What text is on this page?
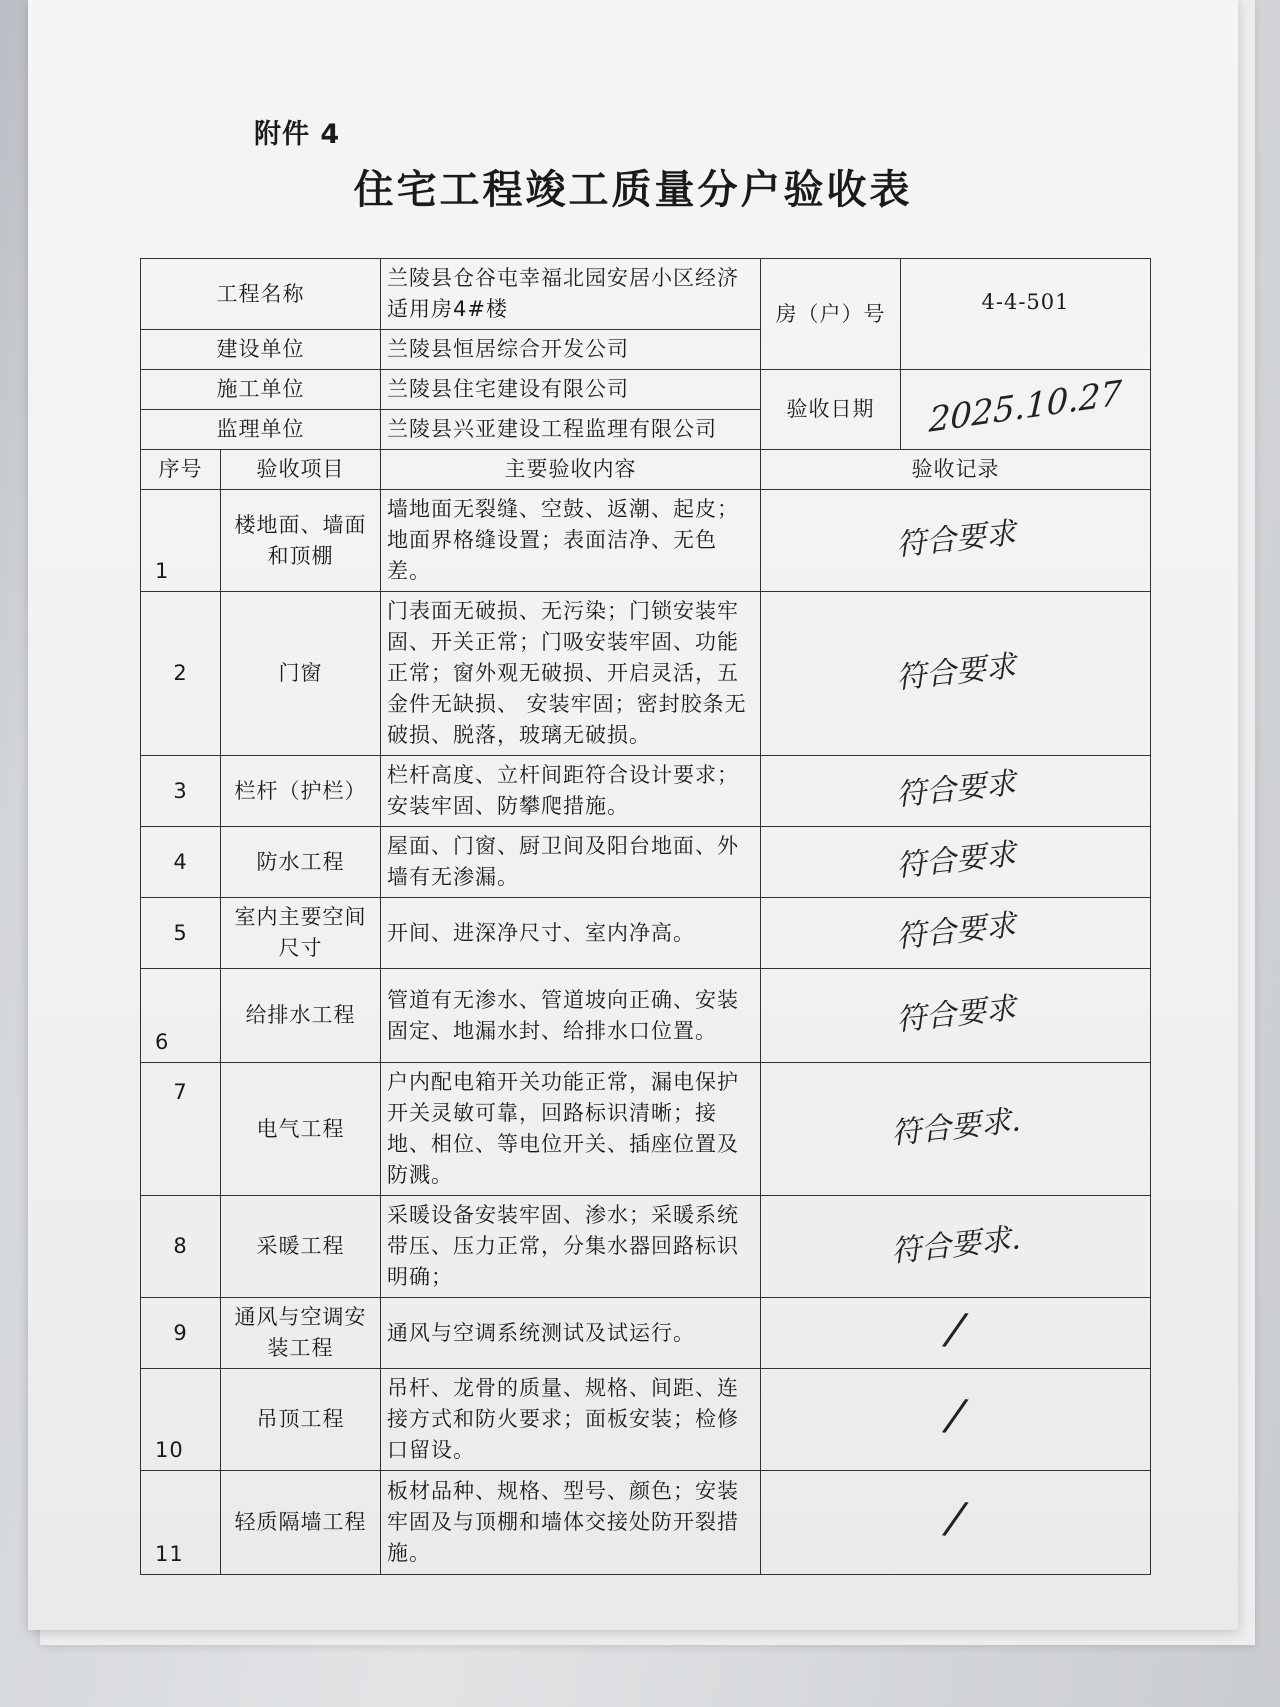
附件 4
住宅工程竣工质量分户验收表
工程名称		兰陵县仓谷屯幸福北园安居小区经济适用房4#楼	房（户）号	4-4-501
建设单位		兰陵县恒居综合开发公司		
施工单位		兰陵县住宅建设有限公司	验收日期	2025.10.27
监理单位		兰陵县兴亚建设工程监理有限公司		
序号	验收项目	主要验收内容	验收记录	

1	楼地面、墙面和顶棚	墙地面无裂缝、空鼓、返潮、起皮；地面界格缝设置；表面洁净、无色差。	符合要求	
2	门窗	门表面无破损、无污染；门锁安装牢固、开关正常；门吸安装牢固、功能正常；窗外观无破损、开启灵活，五金件无缺损、 安装牢固；密封胶条无破损、脱落，玻璃无破损。	符合要求	
3	栏杆（护栏）	栏杆高度、立杆间距符合设计要求；安装牢固、防攀爬措施。	符合要求	
4	防水工程	屋面、门窗、厨卫间及阳台地面、外墙有无渗漏。	符合要求	
5	室内主要空间尺寸	开间、进深净尺寸、室内净高。	符合要求	

6	给排水工程	管道有无渗水、管道坡向正确、安装固定、地漏水封、给排水口位置。	符合要求	
7	电气工程	户内配电箱开关功能正常，漏电保护开关灵敏可靠，回路标识清晰；接地、相位、等电位开关、插座位置及防溅。	符合要求.	
8	采暖工程	采暖设备安装牢固、渗水；采暖系统带压、压力正常，分集水器回路标识明确；	符合要求.	
9	通风与空调安装工程	通风与空调系统测试及试运行。	/	

10	吊顶工程	吊杆、龙骨的质量、规格、间距、连接方式和防火要求；面板安装；检修口留设。	/	

11	轻质隔墙工程	板材品种、规格、型号、颜色；安装牢固及与顶棚和墙体交接处防开裂措施。	/	
